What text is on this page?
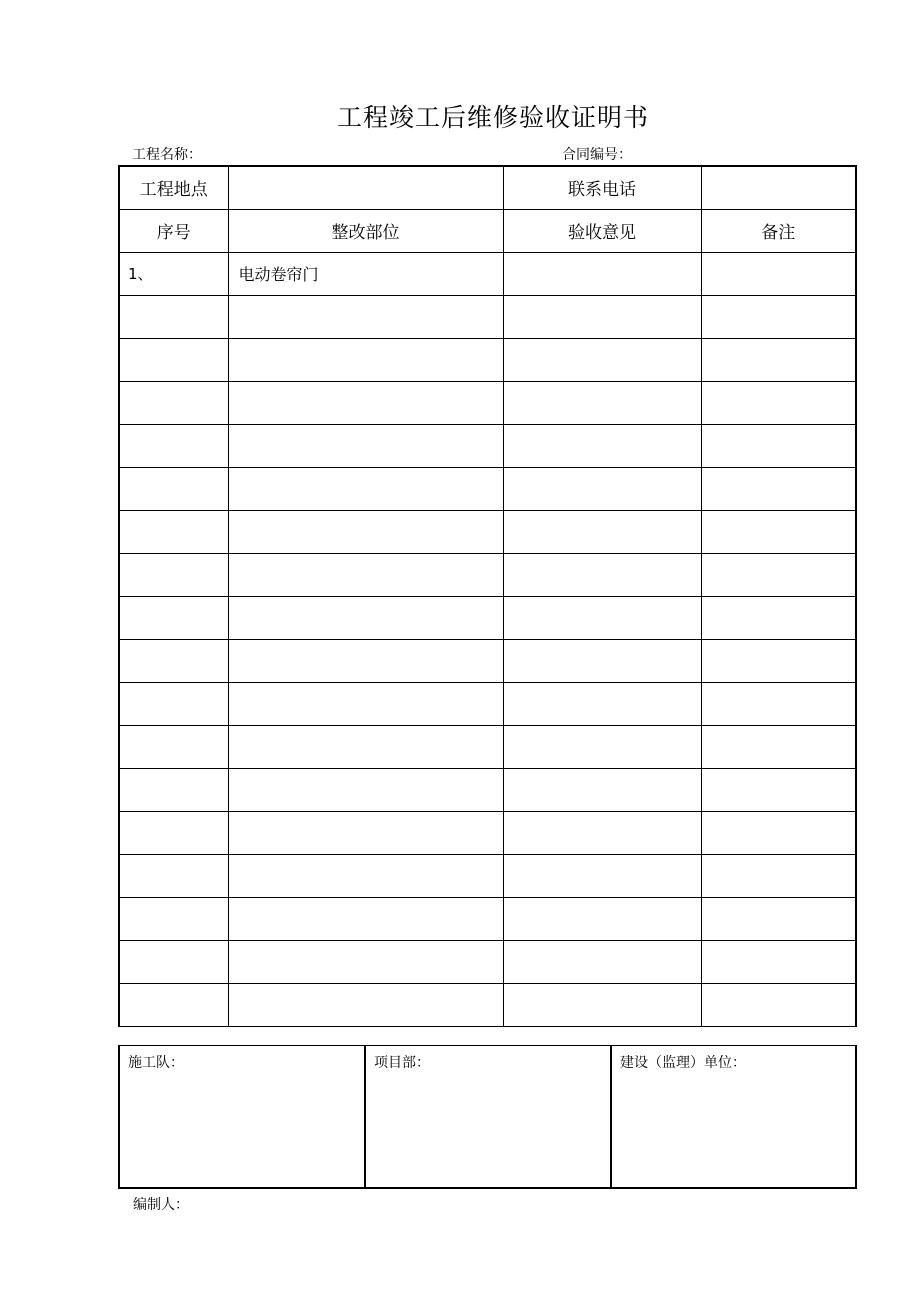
工程竣工后维修验收证明书
工程名称：	合同编号：
工程地点		联系电话	
序号	整改部位	验收意见	备注
1、	电动卷帘门		

施工队：	项目部：	建设（监理）单位：
编制人：
